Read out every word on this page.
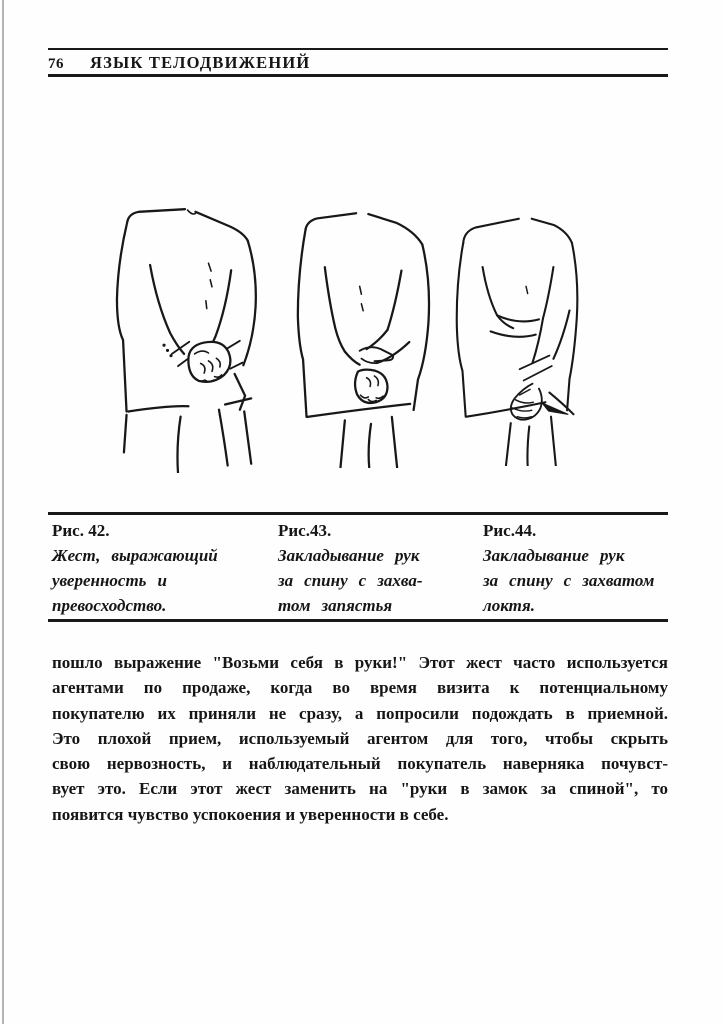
76 ЯЗЫК ТЕЛОДВИЖЕНИЙ
Рис. 42.
Жест, выражающий
уверенность и
превосходство.
Рис.43.
Закладывание рук
за спину с захва-
том запястья
Рис.44.
Закладывание рук
за спину с захватом
локтя.
пошло выражение "Возьми себя в руки!" Этот жест часто используется
агентами по продаже, когда во время визита к потенциальному
покупателю их приняли не сразу, а попросили подождать в приемной.
Это плохой прием, используемый агентом для того, чтобы скрыть
свою нервозность, и наблюдательный покупатель наверняка почувст-
вует это. Если этот жест заменить на "руки в замок за спиной", то
появится чувство успокоения и уверенности в себе.
